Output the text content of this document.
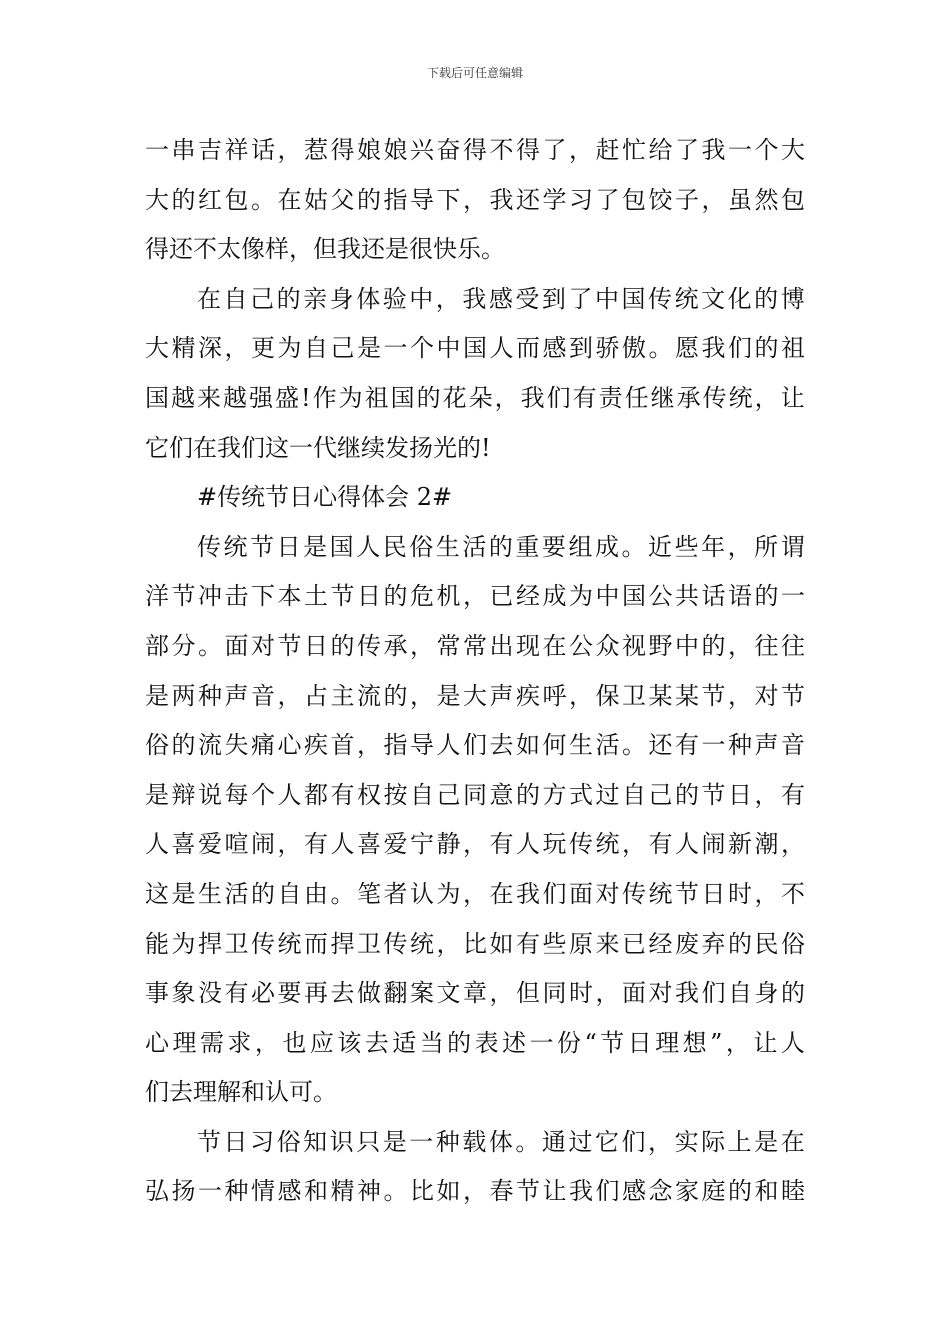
下载后可任意编辑
一 串 吉 祥 话 ， 惹 得 娘 娘 兴 奋 得 不 得 了 ， 赶 忙 给 了 我 一 个 大
大 的 红 包 。 在 姑 父 的 指 导 下 ， 我 还 学 习 了 包 饺 子 ， 虽 然 包
得还不太像样，但我还是很快乐。
在 自 己 的 亲 身 体 验 中 ， 我 感 受 到 了 中 国 传 统 文 化 的 博
大 精 深 ， 更 为 自 己 是 一 个 中 国 人 而 感 到 骄 傲 。 愿 我 们 的 祖
国 越 来 越 强 盛 ! 作 为 祖 国 的 花 朵 ， 我 们 有 责 任 继 承 传 统 ， 让
它们在我们这一代继续发扬光的!
#传统节日心得体会 2#
传 统 节 日 是 国 人 民 俗 生 活 的 重 要 组 成 。 近 些 年 ， 所 谓
洋 节 冲 击 下 本 土 节 日 的 危 机 ， 已 经 成 为 中 国 公 共 话 语 的 一
部 分 。 面 对 节 日 的 传 承 ， 常 常 出 现 在 公 众 视 野 中 的 ， 往 往
是 两 种 声 音 ， 占 主 流 的 ， 是 大 声 疾 呼 ， 保 卫 某 某 节 ， 对 节
俗 的 流 失 痛 心 疾 首 ， 指 导 人 们 去 如 何 生 活 。 还 有 一 种 声 音
是 辩 说 每 个 人 都 有 权 按 自 己 同 意 的 方 式 过 自 己 的 节 日 ， 有
人 喜 爱 喧 闹 ， 有 人 喜 爱 宁 静 ， 有 人 玩 传 统 ， 有 人 闹 新 潮 ，
这 是 生 活 的 自 由 。 笔 者 认 为 ， 在 我 们 面 对 传 统 节 日 时 ， 不
能 为 捍 卫 传 统 而 捍 卫 传 统 ， 比 如 有 些 原 来 已 经 废 弃 的 民 俗
事 象 没 有 必 要 再 去 做 翻 案 文 章 ， 但 同 时 ， 面 对 我 们 自 身 的
心 理 需 求 ， 也 应 该 去 适 当 的 表 述 一 份 “ 节 日 理 想 ” ， 让 人
们去理解和认可。
节 日 习 俗 知 识 只 是 一 种 载 体 。 通 过 它 们 ， 实 际 上 是 在
弘 扬 一 种 情 感 和 精 神 。 比 如 ， 春 节 让 我 们 感 念 家 庭 的 和 睦
